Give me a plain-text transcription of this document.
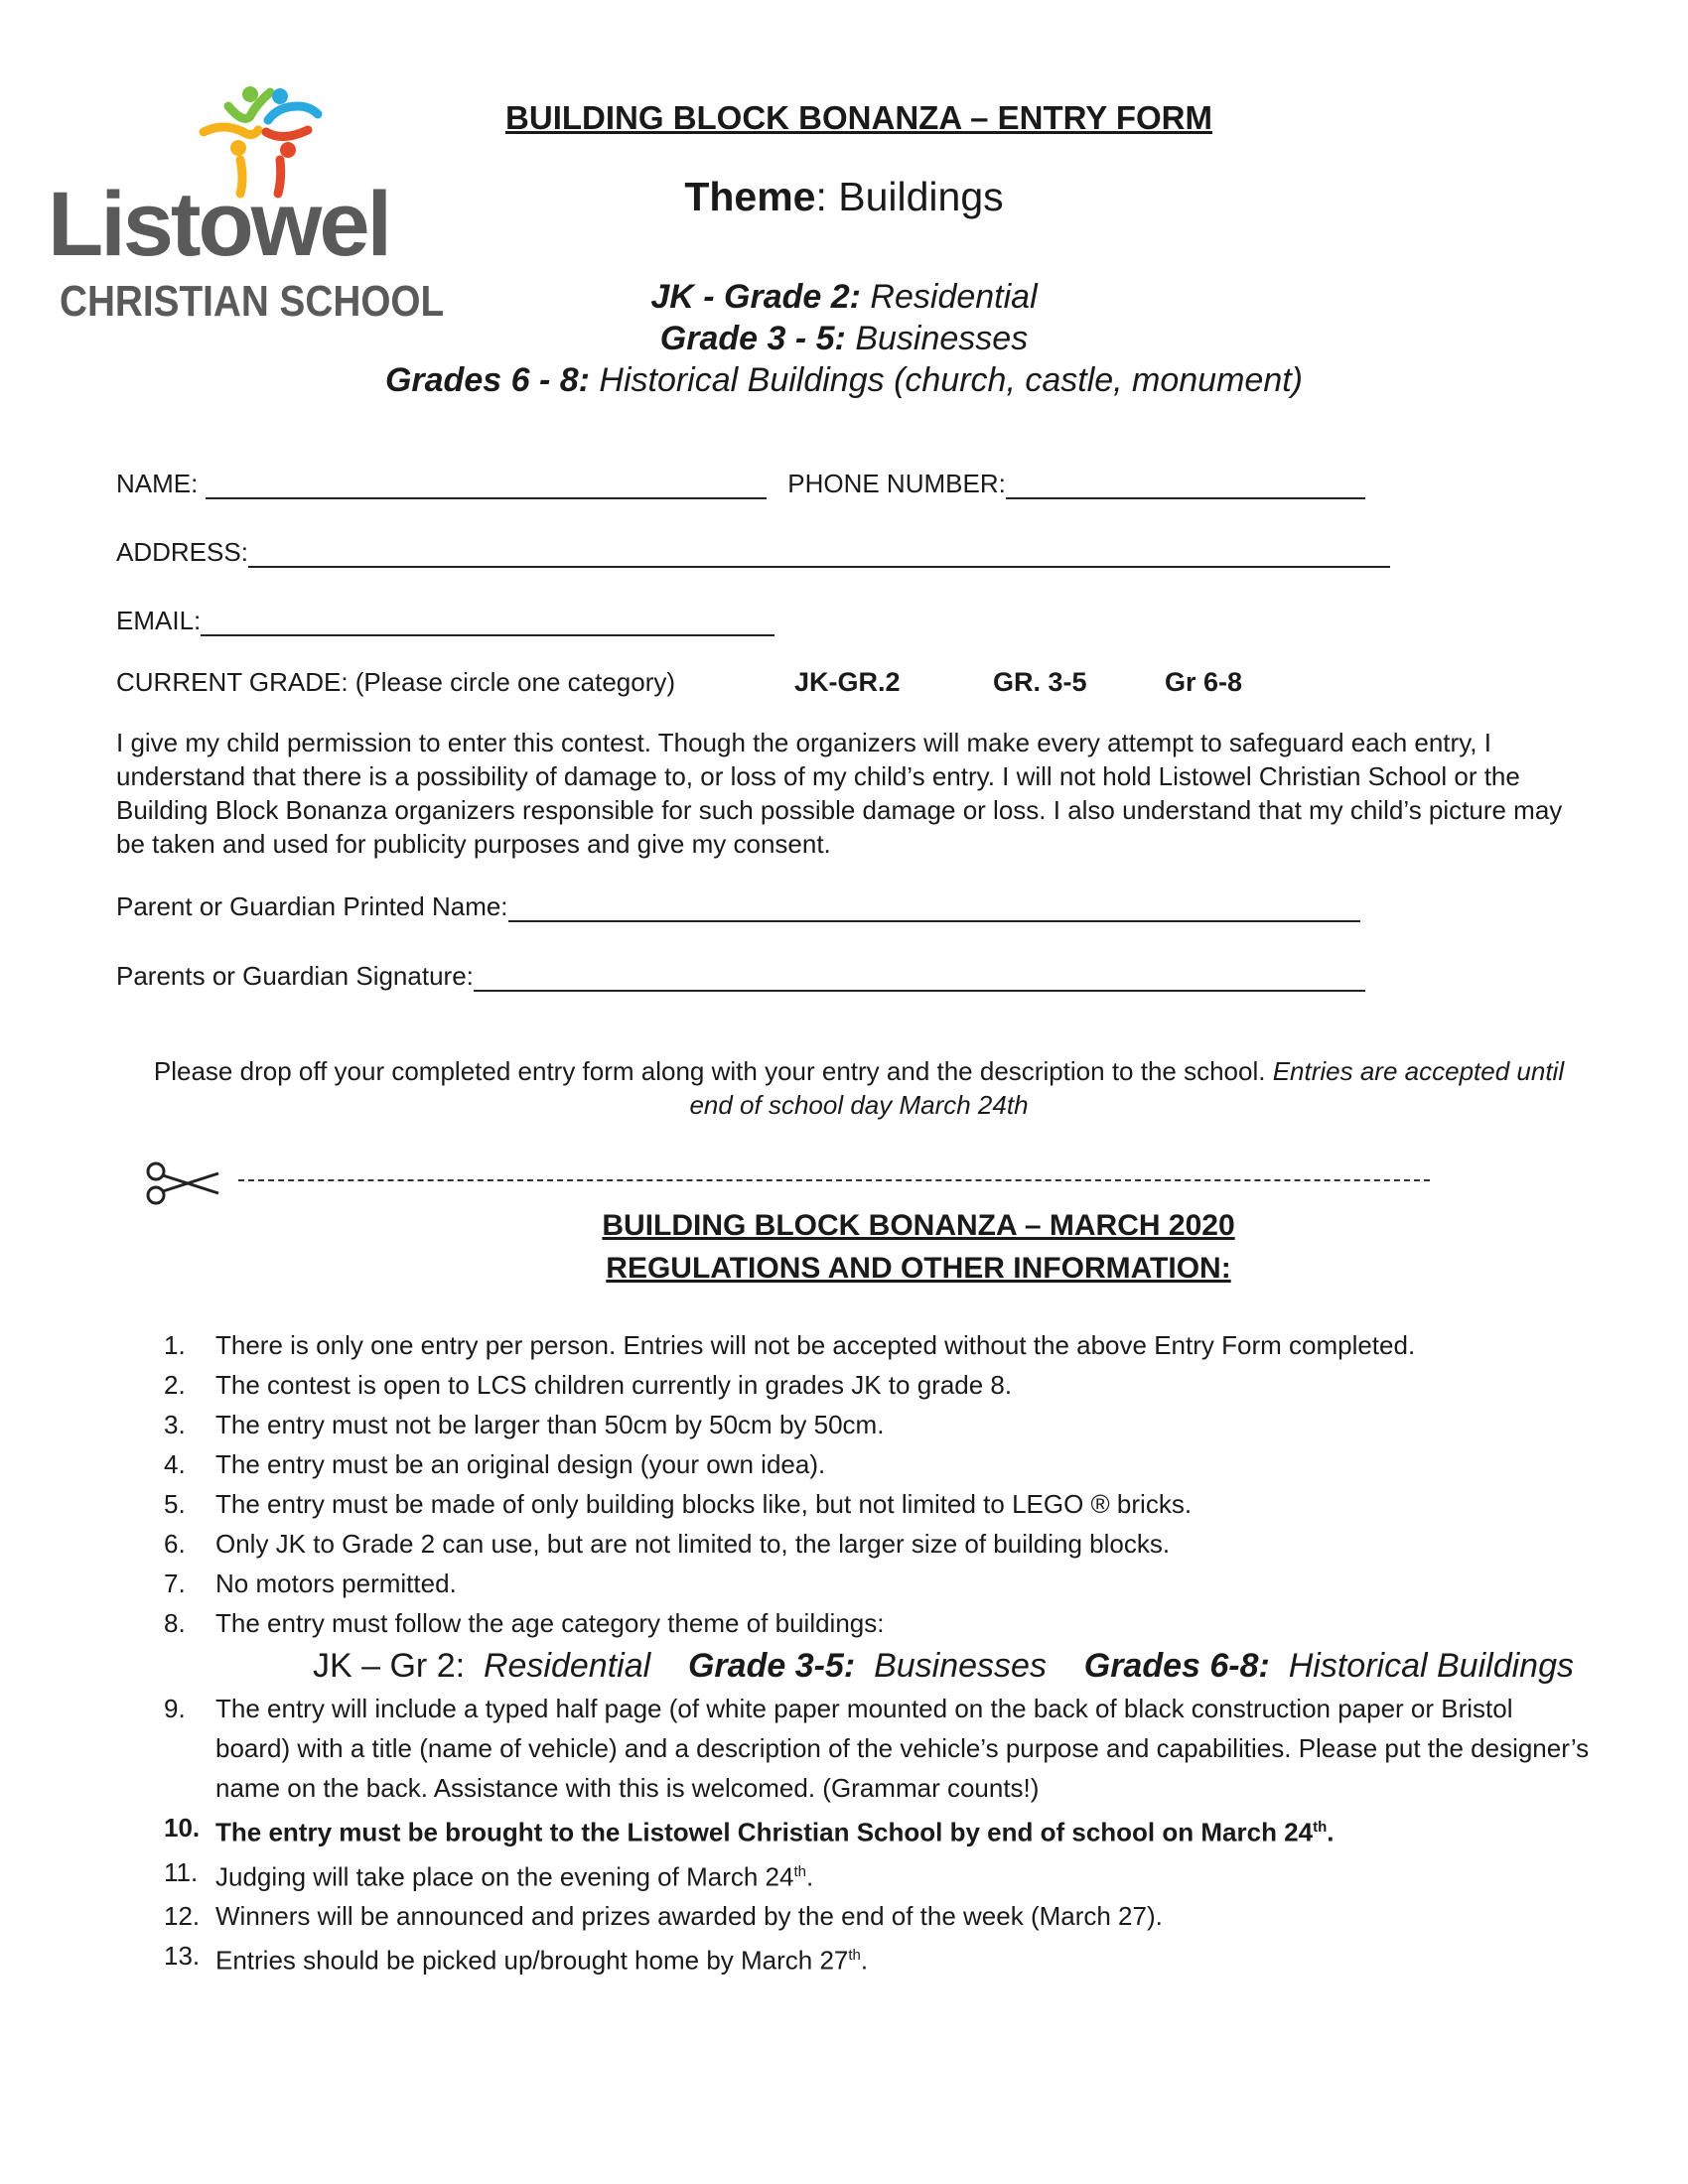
Listowel
CHRISTIAN SCHOOL
BUILDING BLOCK BONANZA – ENTRY FORM
Theme: Buildings
JK - Grade 2: Residential
Grade 3 - 5: Businesses
Grades 6 - 8: Historical Buildings (church, castle, monument)
NAME:	PHONE NUMBER:
ADDRESS:
EMAIL:
CURRENT GRADE: (Please circle one category)	JK-GR.2	GR. 3-5	Gr 6-8
I give my child permission to enter this contest. Though the organizers will make every attempt to safeguard each entry, I understand that there is a possibility of damage to, or loss of my child’s entry. I will not hold Listowel Christian School or the Building Block Bonanza organizers responsible for such possible damage or loss. I also understand that my child’s picture may be taken and used for publicity purposes and give my consent.
Parent or Guardian Printed Name:
Parents or Guardian Signature:
Please drop off your completed entry form along with your entry and the description to the school. Entries are accepted until end of school day March 24th
BUILDING BLOCK BONANZA – MARCH 2020
REGULATIONS AND OTHER INFORMATION:
1.	There is only one entry per person. Entries will not be accepted without the above Entry Form completed.
2.	The contest is open to LCS children currently in grades JK to grade 8.
3.	The entry must not be larger than 50cm by 50cm by 50cm.
4.	The entry must be an original design (your own idea).
5.	The entry must be made of only building blocks like, but not limited to LEGO ® bricks.
6.	Only JK to Grade 2 can use, but are not limited to, the larger size of building blocks.
7.	No motors permitted.
8.	The entry must follow the age category theme of buildings:
JK – Gr 2: Residential Grade 3-5: Businesses Grades 6-8: Historical Buildings
9.	The entry will include a typed half page (of white paper mounted on the back of black construction paper or Bristol board) with a title (name of vehicle) and a description of the vehicle’s purpose and capabilities. Please put the designer’s name on the back. Assistance with this is welcomed. (Grammar counts!)
10. The entry must be brought to the Listowel Christian School by end of school on March 24th.
11. Judging will take place on the evening of March 24th.
12. Winners will be announced and prizes awarded by the end of the week (March 27).
13. Entries should be picked up/brought home by March 27th.
